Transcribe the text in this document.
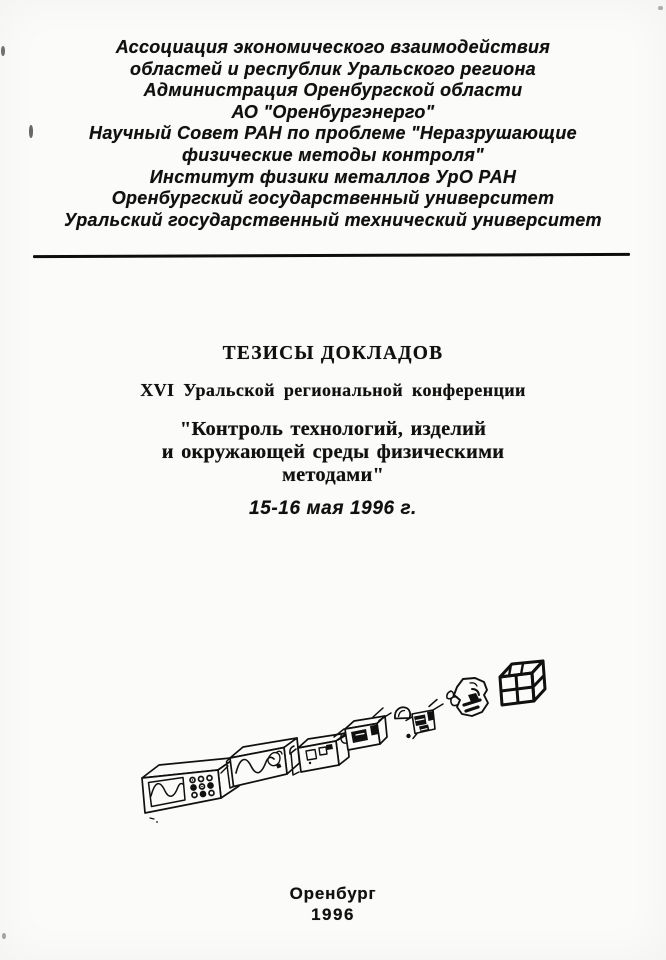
Ассоциация экономического взаимодействия
областей и республик Уральского региона
Администрация Оренбургской области
АО "Оренбургэнерго"
Научный Совет РАН по проблеме "Неразрушающие
физические методы контроля"
Институт физики металлов УрО РАН
Оренбургский государственный университет
Уральский государственный технический университет
ТЕЗИСЫ ДОКЛАДОВ
XVI Уральской региональной конференции
"Контроль технологий, изделий
и окружающей среды физическими
методами"
15-16 мая 1996 г.
Оренбург
1996
